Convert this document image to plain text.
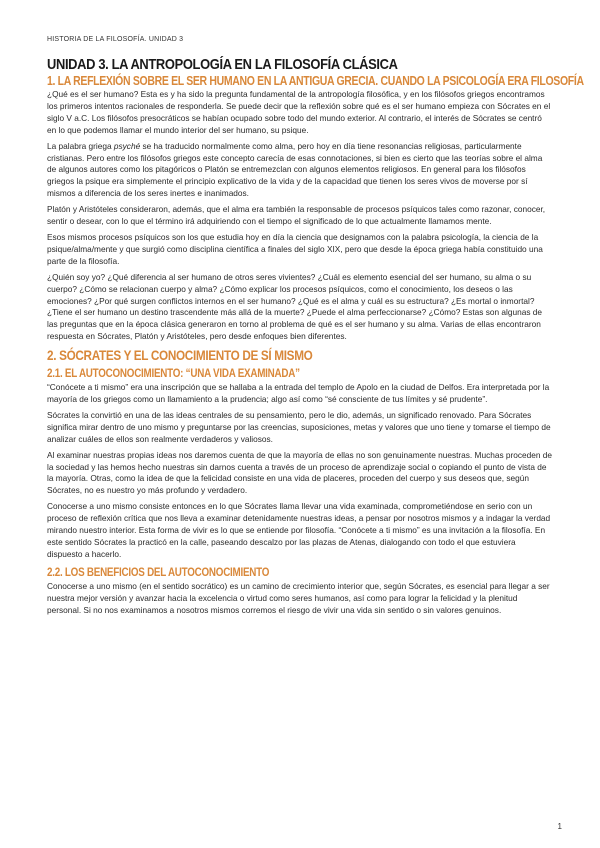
HISTORIA DE LA FILOSOFÍA. UNIDAD 3
UNIDAD 3. LA ANTROPOLOGÍA EN LA FILOSOFÍA CLÁSICA
1. LA REFLEXIÓN SOBRE EL SER HUMANO EN LA ANTIGUA GRECIA. CUANDO LA PSICOLOGÍA ERA FILOSOFÍA

¿Qué es el ser humano? Esta es y ha sido la pregunta fundamental de la antropología filosófica, y en los filósofos griegos encontramos los primeros intentos racionales de responderla. Se puede decir que la reflexión sobre qué es el ser humano empieza con Sócrates en el siglo V a.C. Los filósofos presocráticos se habían ocupado sobre todo del mundo exterior. Al contrario, el interés de Sócrates se centró en lo que podemos llamar el mundo interior del ser humano, su psique.

La palabra griega psyché se ha traducido normalmente como alma, pero hoy en día tiene resonancias religiosas, particularmente cristianas. Pero entre los filósofos griegos este concepto carecía de esas connotaciones, si bien es cierto que las teorías sobre el alma de algunos autores como los pitagóricos o Platón se entremezclan con algunos elementos religiosos. En general para los filósofos griegos la psique era simplemente el principio explicativo de la vida y de la capacidad que tienen los seres vivos de moverse por sí mismos a diferencia de los seres inertes e inanimados.

Platón y Aristóteles consideraron, además, que el alma era también la responsable de procesos psíquicos tales como razonar, conocer, sentir o desear, con lo que el término irá adquiriendo con el tiempo el significado de lo que actualmente llamamos mente.

Esos mismos procesos psíquicos son los que estudia hoy en día la ciencia que designamos con la palabra psicología, la ciencia de la psique/alma/mente y que surgió como disciplina científica a finales del siglo XIX, pero que desde la época griega había constituido una parte de la filosofía.

¿Quién soy yo? ¿Qué diferencia al ser humano de otros seres vivientes? ¿Cuál es elemento esencial del ser humano, su alma o su cuerpo? ¿Cómo se relacionan cuerpo y alma? ¿Cómo explicar los procesos psíquicos, como el conocimiento, los deseos o las emociones? ¿Por qué surgen conflictos internos en el ser humano? ¿Qué es el alma y cuál es su estructura? ¿Es mortal o inmortal? ¿Tiene el ser humano un destino trascendente más allá de la muerte? ¿Puede el alma perfeccionarse? ¿Cómo? Estas son algunas de las preguntas que en la época clásica generaron en torno al problema de qué es el ser humano y su alma. Varias de ellas encontraron respuesta en Sócrates, Platón y Aristóteles, pero desde enfoques bien diferentes.

2. SÓCRATES Y EL CONOCIMIENTO DE SÍ MISMO
2.1. EL AUTOCONOCIMIENTO: “UNA VIDA EXAMINADA”

“Conócete a ti mismo” era una inscripción que se hallaba a la entrada del templo de Apolo en la ciudad de Delfos. Era interpretada por la mayoría de los griegos como un llamamiento a la prudencia; algo así como “sé consciente de tus límites y sé prudente”.

Sócrates la convirtió en una de las ideas centrales de su pensamiento, pero le dio, además, un significado renovado. Para Sócrates significa mirar dentro de uno mismo y preguntarse por las creencias, suposiciones, metas y valores que uno tiene y tomarse el tiempo de analizar cuáles de ellos son realmente verdaderos y valiosos.

Al examinar nuestras propias ideas nos daremos cuenta de que la mayoría de ellas no son genuinamente nuestras. Muchas proceden de la sociedad y las hemos hecho nuestras sin darnos cuenta a través de un proceso de aprendizaje social o copiando el punto de vista de la mayoría. Otras, como la idea de que la felicidad consiste en una vida de placeres, proceden del cuerpo y sus deseos que, según Sócrates, no es nuestro yo más profundo y verdadero.

Conocerse a uno mismo consiste entonces en lo que Sócrates llama llevar una vida examinada, comprometiéndose en serio con un proceso de reflexión crítica que nos lleva a examinar detenidamente nuestras ideas, a pensar por nosotros mismos y a indagar la verdad mirando nuestro interior. Esta forma de vivir es lo que se entiende por filosofía. “Conócete a ti mismo” es una invitación a la filosofía. En este sentido Sócrates la practicó en la calle, paseando descalzo por las plazas de Atenas, dialogando con todo el que estuviera dispuesto a hacerlo.

2.2. LOS BENEFICIOS DEL AUTOCONOCIMIENTO

Conocerse a uno mismo (en el sentido socrático) es un camino de crecimiento interior que, según Sócrates, es esencial para llegar a ser nuestra mejor versión y avanzar hacia la excelencia o virtud como seres humanos, así como para lograr la felicidad y la plenitud personal. Si no nos examinamos a nosotros mismos corremos el riesgo de vivir una vida sin sentido o sin valores genuinos.

1
